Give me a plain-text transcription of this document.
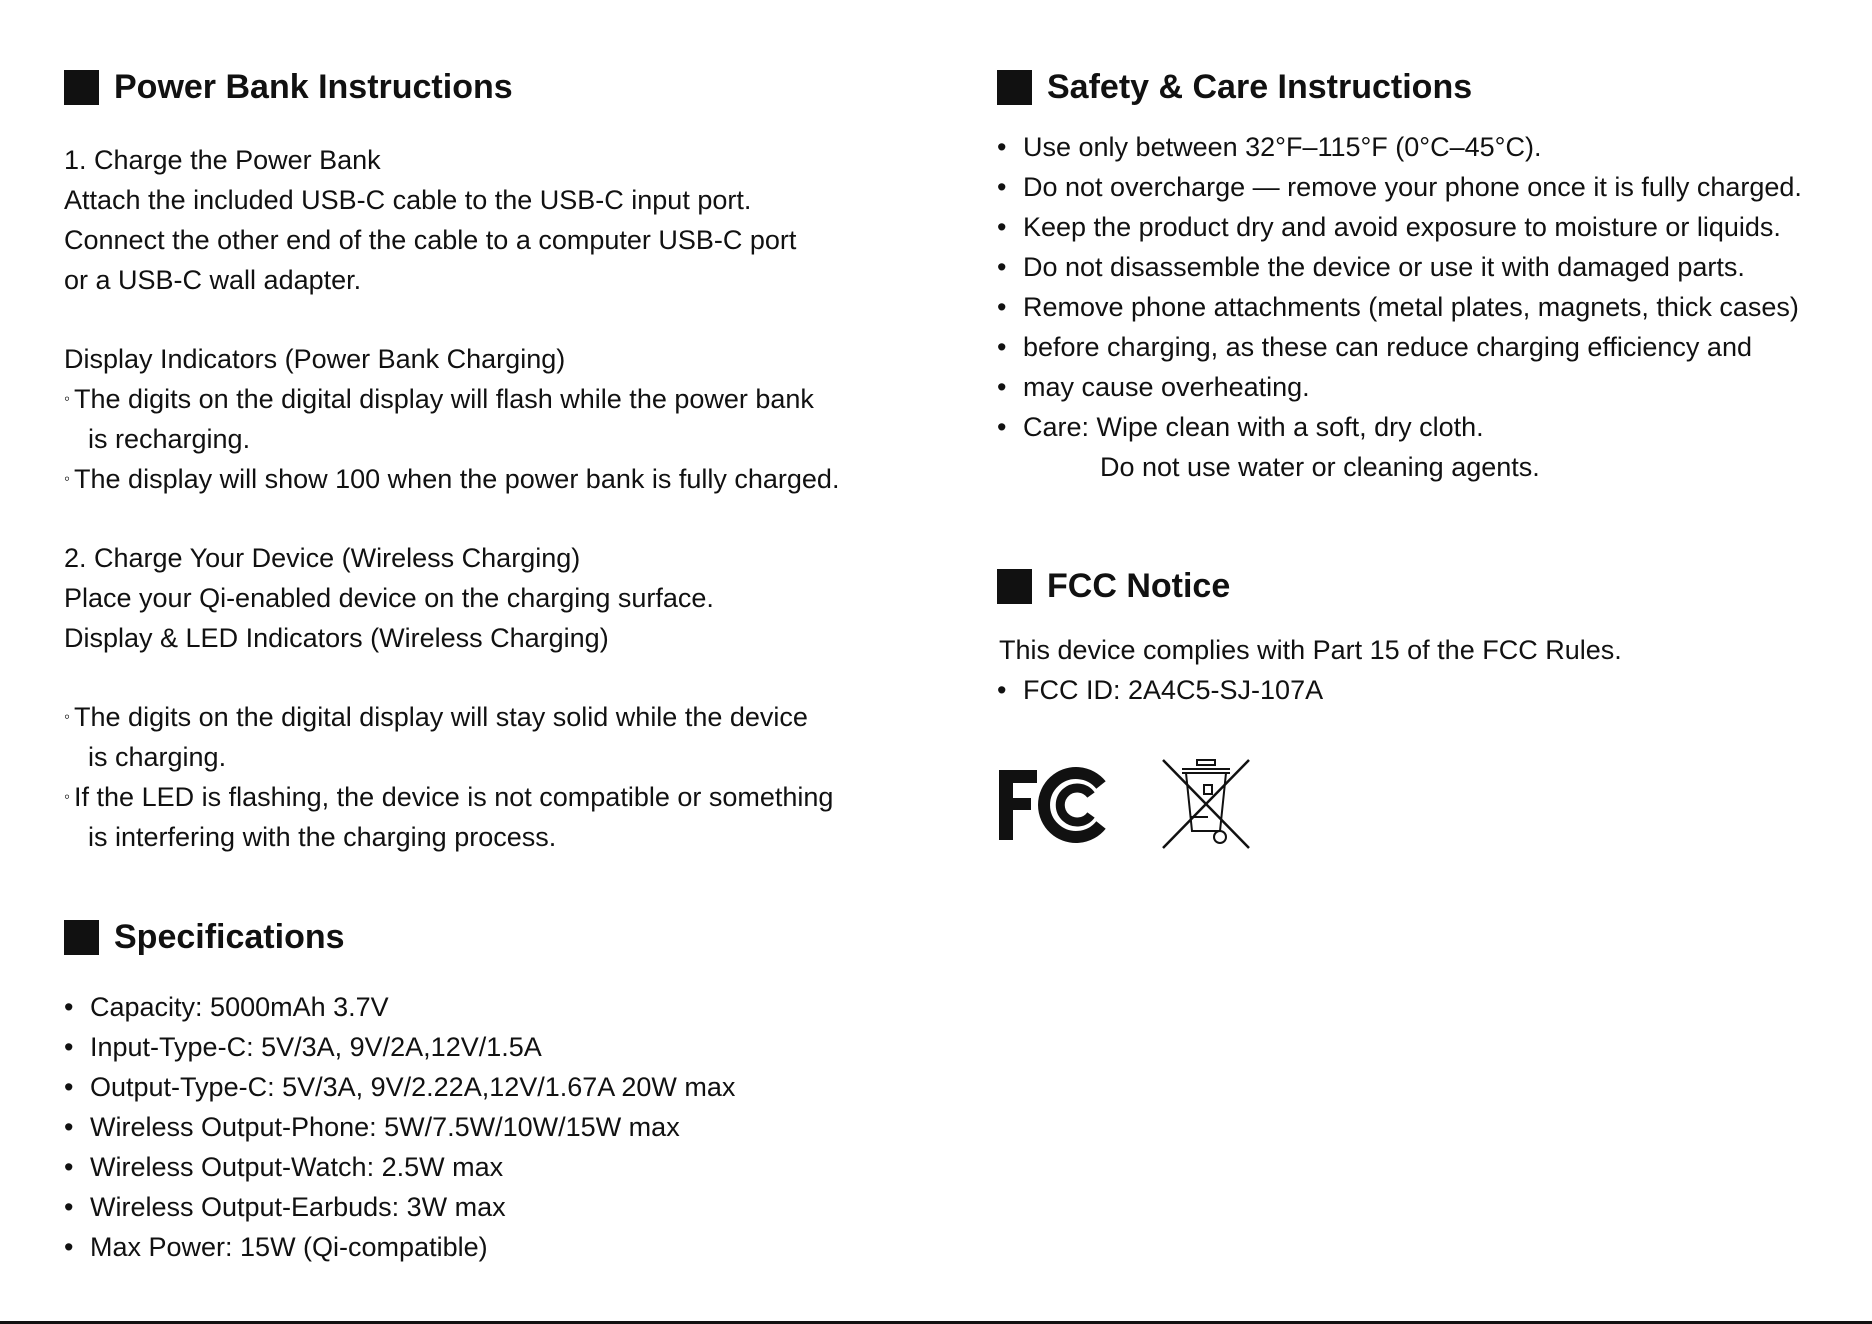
Power Bank Instructions
1. Charge the Power Bank
Attach the included USB-C cable to the USB-C input port.
Connect the other end of the cable to a computer USB-C port
or a USB-C wall adapter.
Display Indicators (Power Bank Charging)
◦ The digits on the digital display will flash while the power bank
is recharging.
◦ The display will show 100 when the power bank is fully charged.
2. Charge Your Device (Wireless Charging)
Place your Qi-enabled device on the charging surface.
Display & LED Indicators (Wireless Charging)
◦ The digits on the digital display will stay solid while the device
is charging.
◦ If the LED is flashing, the device is not compatible or something
is interfering with the charging process.
Specifications
• Capacity: 5000mAh 3.7V
• Input-Type-C: 5V/3A, 9V/2A,12V/1.5A
• Output-Type-C: 5V/3A, 9V/2.22A,12V/1.67A 20W max
• Wireless Output-Phone: 5W/7.5W/10W/15W max
• Wireless Output-Watch: 2.5W max
• Wireless Output-Earbuds: 3W max
• Max Power: 15W (Qi-compatible)
Safety & Care Instructions
• Use only between 32°F–115°F (0°C–45°C).
• Do not overcharge — remove your phone once it is fully charged.
• Keep the product dry and avoid exposure to moisture or liquids.
• Do not disassemble the device or use it with damaged parts.
• Remove phone attachments (metal plates, magnets, thick cases)
• before charging, as these can reduce charging efficiency and
• may cause overheating.
• Care: Wipe clean with a soft, dry cloth.
Do not use water or cleaning agents.
FCC Notice
This device complies with Part 15 of the FCC Rules.
• FCC ID: 2A4C5-SJ-107A
